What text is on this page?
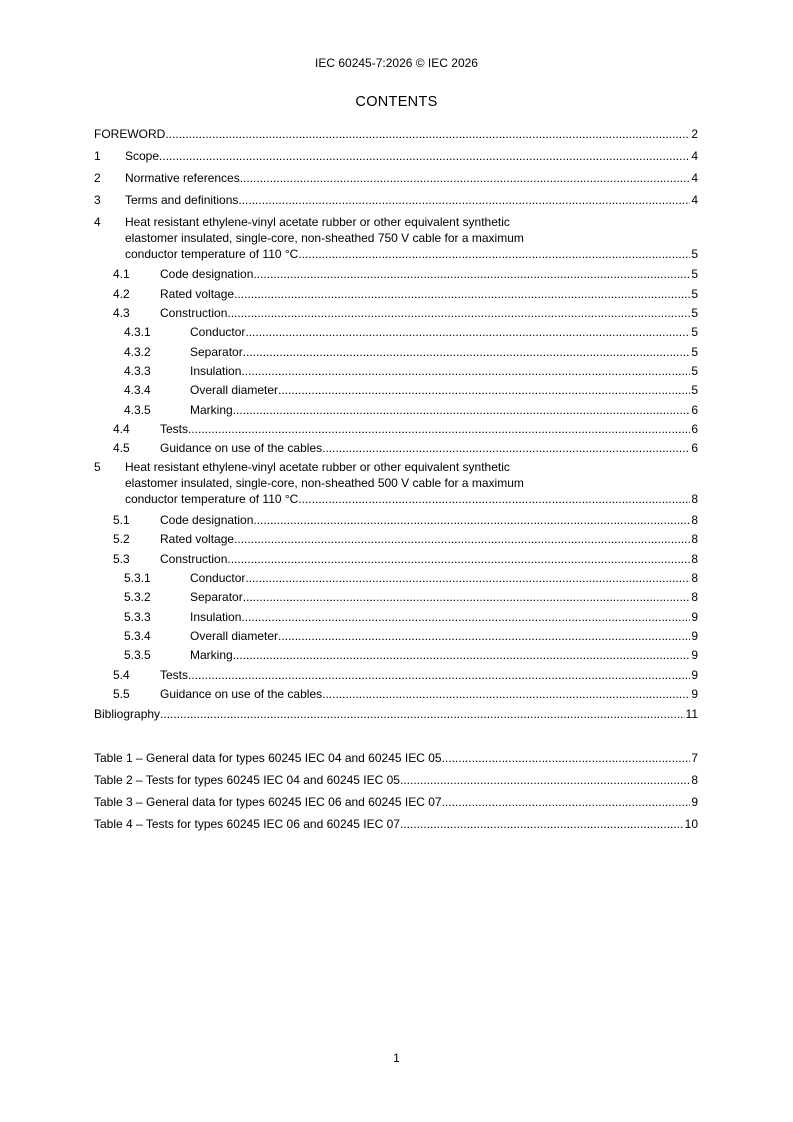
IEC 60245-7:2026 © IEC 2026
CONTENTS
FOREWORD .....	2
1 Scope .....	4
2 Normative references .....	4
3 Terms and definitions .....	4
4 Heat resistant ethylene-vinyl acetate rubber or other equivalent synthetic
elastomer insulated, single-core, non-sheathed 750 V cable for a maximum
conductor temperature of 110 °C .....	5
4.1	Code designation .....	5
4.2	Rated voltage .....	5
4.3	Construction .....	5
4.3.1	Conductor .....	5
4.3.2	Separator .....	5
4.3.3	Insulation .....	5
4.3.4	Overall diameter .....	5
4.3.5	Marking .....	6
4.4	Tests .....	6
4.5	Guidance on use of the cables .....	6
5 Heat resistant ethylene-vinyl acetate rubber or other equivalent synthetic
elastomer insulated, single-core, non-sheathed 500 V cable for a maximum
conductor temperature of 110 °C .....	8
5.1	Code designation .....	8
5.2	Rated voltage .....	8
5.3	Construction .....	8
5.3.1	Conductor .....	8
5.3.2	Separator .....	8
5.3.3	Insulation .....	9
5.3.4	Overall diameter .....	9
5.3.5	Marking .....	9
5.4	Tests .....	9
5.5	Guidance on use of the cables .....	9
Bibliography .....	11
Table 1 – General data for types 60245 IEC 04 and 60245 IEC 05 .....	7
Table 2 – Tests for types 60245 IEC 04 and 60245 IEC 05 .....	8
Table 3 – General data for types 60245 IEC 06 and 60245 IEC 07 .....	9
Table 4 – Tests for types 60245 IEC 06 and 60245 IEC 07 .....	10
1
